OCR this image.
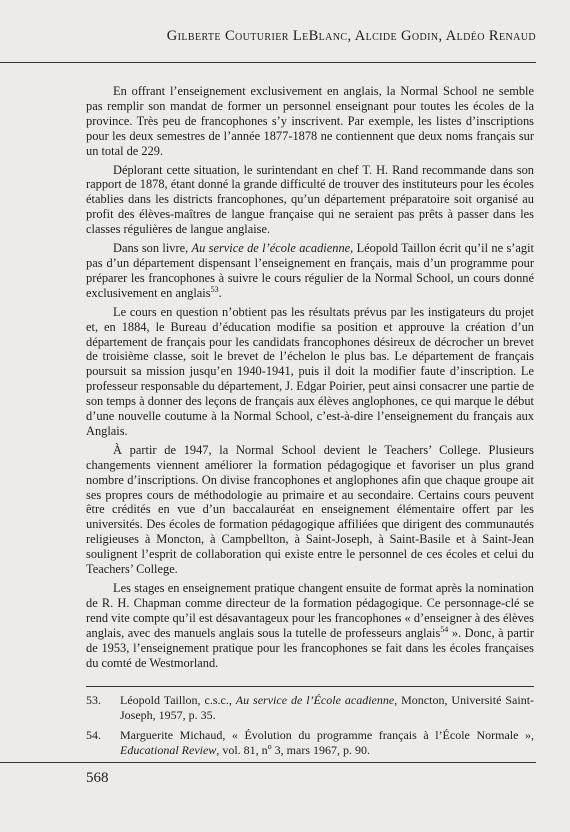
Gilberte Couturier LeBlanc, Alcide Godin, Aldéo Renaud

En offrant l’enseignement exclusivement en anglais, la Normal School ne semble pas remplir son mandat de former un personnel enseignant pour toutes les écoles de la province. Très peu de francophones s’y inscrivent. Par exemple, les listes d’inscriptions pour les deux semestres de l’année 1877-1878 ne contiennent que deux noms français sur un total de 229.

Déplorant cette situation, le surintendant en chef T. H. Rand recommande dans son rapport de 1878, étant donné la grande difficulté de trouver des instituteurs pour les écoles établies dans les districts francophones, qu’un département préparatoire soit organisé au profit des élèves-maîtres de langue française qui ne seraient pas prêts à passer dans les classes régulières de langue anglaise.

Dans son livre, Au service de l’école acadienne, Léopold Taillon écrit qu’il ne s’agit pas d’un département dispensant l’enseignement en français, mais d’un programme pour préparer les francophones à suivre le cours régulier de la Normal School, un cours donné exclusivement en anglais$^{53}$.

Le cours en question n’obtient pas les résultats prévus par les instigateurs du projet et, en 1884, le Bureau d’éducation modifie sa position et approuve la création d’un département de français pour les candidats francophones désireux de décrocher un brevet de troisième classe, soit le brevet de l’échelon le plus bas. Le département de français poursuit sa mission jusqu’en 1940-1941, puis il doit la modifier faute d’inscription. Le professeur responsable du département, J. Edgar Poirier, peut ainsi consacrer une partie de son temps à donner des leçons de français aux élèves anglophones, ce qui marque le début d’une nouvelle coutume à la Normal School, c’est-à-dire l’enseignement du français aux Anglais.

À partir de 1947, la Normal School devient le Teachers’ College. Plusieurs changements viennent améliorer la formation pédagogique et favoriser un plus grand nombre d’inscriptions. On divise francophones et anglophones afin que chaque groupe ait ses propres cours de méthodologie au primaire et au secondaire. Certains cours peuvent être crédités en vue d’un baccalauréat en enseignement élémentaire offert par les universités. Des écoles de formation pédagogique affiliées que dirigent des communautés religieuses à Moncton, à Campbellton, à Saint-Joseph, à Saint-Basile et à Saint-Jean soulignent l’esprit de collaboration qui existe entre le personnel de ces écoles et celui du Teachers’ College.

Les stages en enseignement pratique changent ensuite de format après la nomination de R. H. Chapman comme directeur de la formation pédagogique. Ce personnage-clé se rend vite compte qu’il est désavantageux pour les francophones « d’enseigner à des élèves anglais, avec des manuels anglais sous la tutelle de professeurs anglais$^{54}$ ». Donc, à partir de 1953, l’enseignement pratique pour les francophones se fait dans les écoles françaises du comté de Westmorland.

53.	Léopold Taillon, c.s.c., Au service de l’École acadienne, Moncton, Université Saint-Joseph, 1957, p. 35.
54.	Marguerite Michaud, « Évolution du programme français à l’École Normale », Educational Review, vol. 81, $n^o$ 3, mars 1967, p. 90.
568
